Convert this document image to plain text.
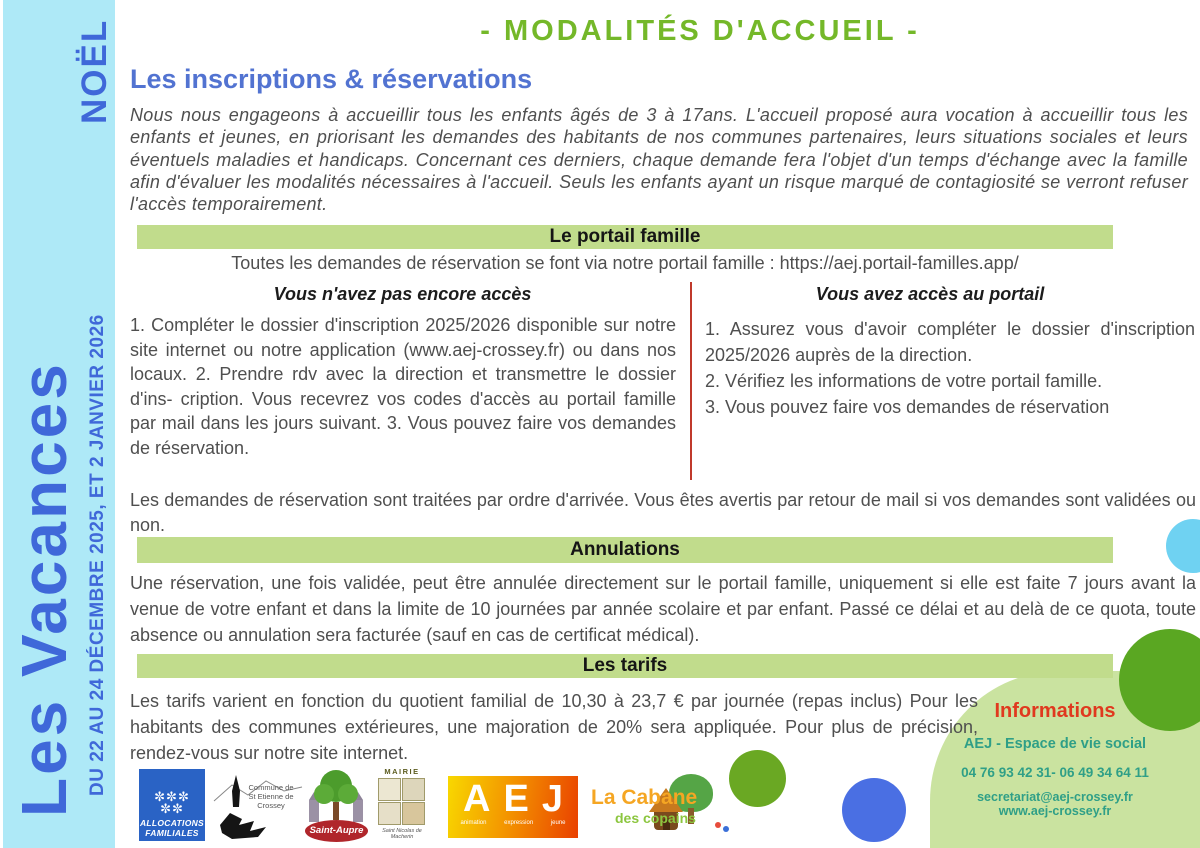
NOËL
Les Vacances DU 22 AU 24 DÉCEMBRE 2025, ET 2 JANVIER 2026
- MODALITÉS D'ACCUEIL -
Les inscriptions & réservations
Nous nous engageons à accueillir tous les enfants âgés de 3 à 17ans. L'accueil proposé aura vocation à accueillir tous les enfants et jeunes, en priorisant les demandes des habitants de nos communes partenaires, leurs situations sociales et leurs éventuels maladies et handicaps. Concernant ces derniers, chaque demande fera l'objet d'un temps d'échange avec la famille afin d'évaluer les modalités nécessaires à l'accueil. Seuls les enfants ayant un risque marqué de contagiosité se verront refuser l'accès temporairement.
Le portail famille
Toutes les demandes de réservation se font via notre portail famille : https://aej.portail-familles.app/
Vous n'avez pas encore accès	Vous avez accès au portail
1. Compléter le dossier d'inscription 2025/2026 disponible sur notre site internet ou notre application (www.aej-crossey.fr) ou dans nos locaux. 2. Prendre rdv avec la direction et transmettre le dossier d'ins- cription. Vous recevrez vos codes d'accès au portail famille par mail dans les jours suivant. 3. Vous pouvez faire vos demandes de réservation.
1. Assurez vous d'avoir compléter le dossier d'inscription 2025/2026 auprès de la direction.
2. Vérifiez les informations de votre portail famille.
3. Vous pouvez faire vos demandes de réservation
Les demandes de réservation sont traitées par ordre d'arrivée. Vous êtes avertis par retour de mail si vos demandes sont validées ou non.
Annulations
Une réservation, une fois validée, peut être annulée directement sur le portail famille, uniquement si elle est faite 7 jours avant la venue de votre enfant et dans la limite de 10 journées par année scolaire et par enfant. Passé ce délai et au delà de ce quota, toute absence ou annulation sera facturée (sauf en cas de certificat médical).
Les tarifs
Les tarifs varient en fonction du quotient familial de 10,30 à 23,7 € par journée (repas inclus) Pour les habitants des communes extérieures, une majoration de 20% sera appliquée. Pour plus de précision, rendez-vous sur notre site internet.
Informations
AEJ - Espace de vie social
04 76 93 42 31- 06 49 34 64 11
secretariat@aej-crossey.fr
www.aej-crossey.fr
✼✼✼ ✼✼
ALLOCATIONS
FAMILIALES
Commune de
St Etienne de Crossey
Saint-Aupre
MAIRIE
Saint Nicolas de Macherin
AEJ
animation expression jeune
La Cabane
des copains
